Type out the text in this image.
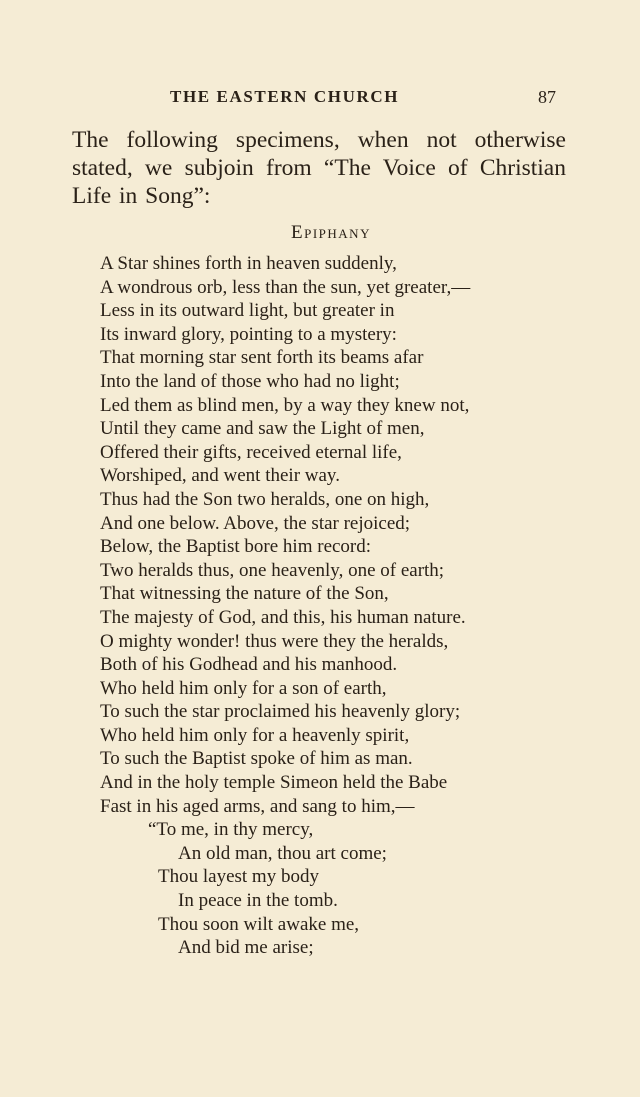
THE EASTERN CHURCH	87
The following specimens, when not otherwise
stated, we subjoin from “The Voice of Christian
Life in Song”:
Epiphany
A Star shines forth in heaven suddenly,
A wondrous orb, less than the sun, yet greater,—
Less in its outward light, but greater in
Its inward glory, pointing to a mystery:
That morning star sent forth its beams afar
Into the land of those who had no light;
Led them as blind men, by a way they knew not,
Until they came and saw the Light of men,
Offered their gifts, received eternal life,
Worshiped, and went their way.
Thus had the Son two heralds, one on high,
And one below. Above, the star rejoiced;
Below, the Baptist bore him record:
Two heralds thus, one heavenly, one of earth;
That witnessing the nature of the Son,
The majesty of God, and this, his human nature.
O mighty wonder! thus were they the heralds,
Both of his Godhead and his manhood.
Who held him only for a son of earth,
To such the star proclaimed his heavenly glory;
Who held him only for a heavenly spirit,
To such the Baptist spoke of him as man.
And in the holy temple Simeon held the Babe
Fast in his aged arms, and sang to him,—
“To me, in thy mercy,
An old man, thou art come;
Thou layest my body
In peace in the tomb.
Thou soon wilt awake me,
And bid me arise;
